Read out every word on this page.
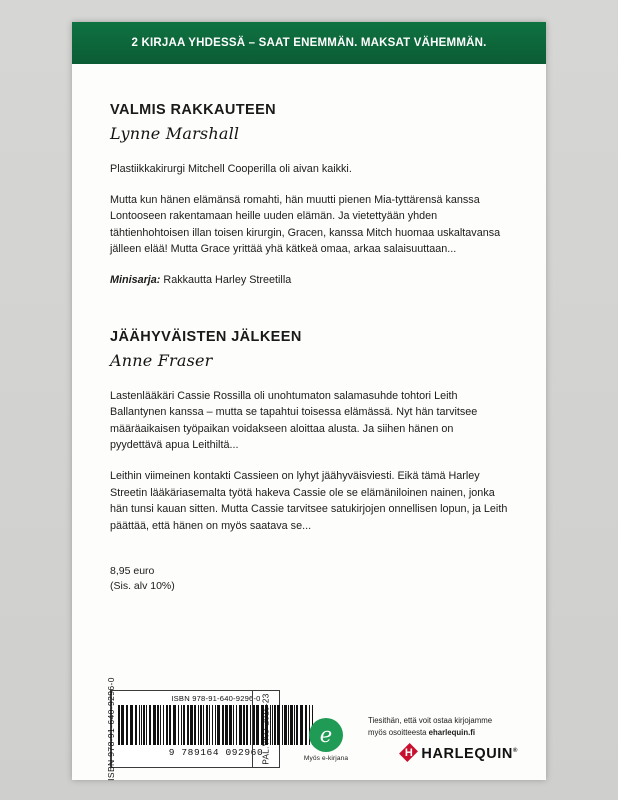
2 KIRJAA YHDESSÄ – SAAT ENEMMÄN. MAKSAT VÄHEMMÄN.
VALMIS RAKKAUTEEN
Lynne Marshall

Plastiikkakirurgi Mitchell Cooperilla oli aivan kaikki.

Mutta kun hänen elämänsä romahti, hän muutti pienen Mia-tyttärensä kanssa Lontooseen rakentamaan heille uuden elämän. Ja vietettyään yhden tähtienhohtoisen illan toisen kirurgin, Gracen, kanssa Mitch huomaa uskaltavansa jälleen elää! Mutta Grace yrittää yhä kätkeä omaa, arkaa salaisuuttaan...

Minisarja: Rakkautta Harley Streetilla

JÄÄHYVÄISTEN JÄLKEEN
Anne Fraser

Lastenlääkäri Cassie Rossilla oli unohtumaton salamasuhde tohtori Leith Ballantynen kanssa – mutta se tapahtui toisessa elämässä. Nyt hän tarvitsee määräaikaisen työpaikan voidakseen aloittaa alusta. Ja siihen hänen on pyydettävä apua Leithiltä...

Leithin viimeinen kontakti Cassieen on lyhyt jäähyväisviesti. Eikä tämä Harley Streetin lääkäriasemalta työtä hakeva Cassie ole se elämäniloinen nainen, jonka hän tunsi kauan sitten. Mutta Cassie tarvitsee satukirjojen onnellisen lopun, ja Leith päättää, että hänen on myös saatava se...

8,95 euro
(Sis. alv 10%)
ISBN 978-91-640-9296-0	ISBN 978-91-640-9296-0
9 789164 092960
PAL.VKO 2015-23
e
Myös e-kirjana
Tiesithän, että voit ostaa kirjojamme
myös osoitteesta eharlequin.fi
H HARLEQUIN®
